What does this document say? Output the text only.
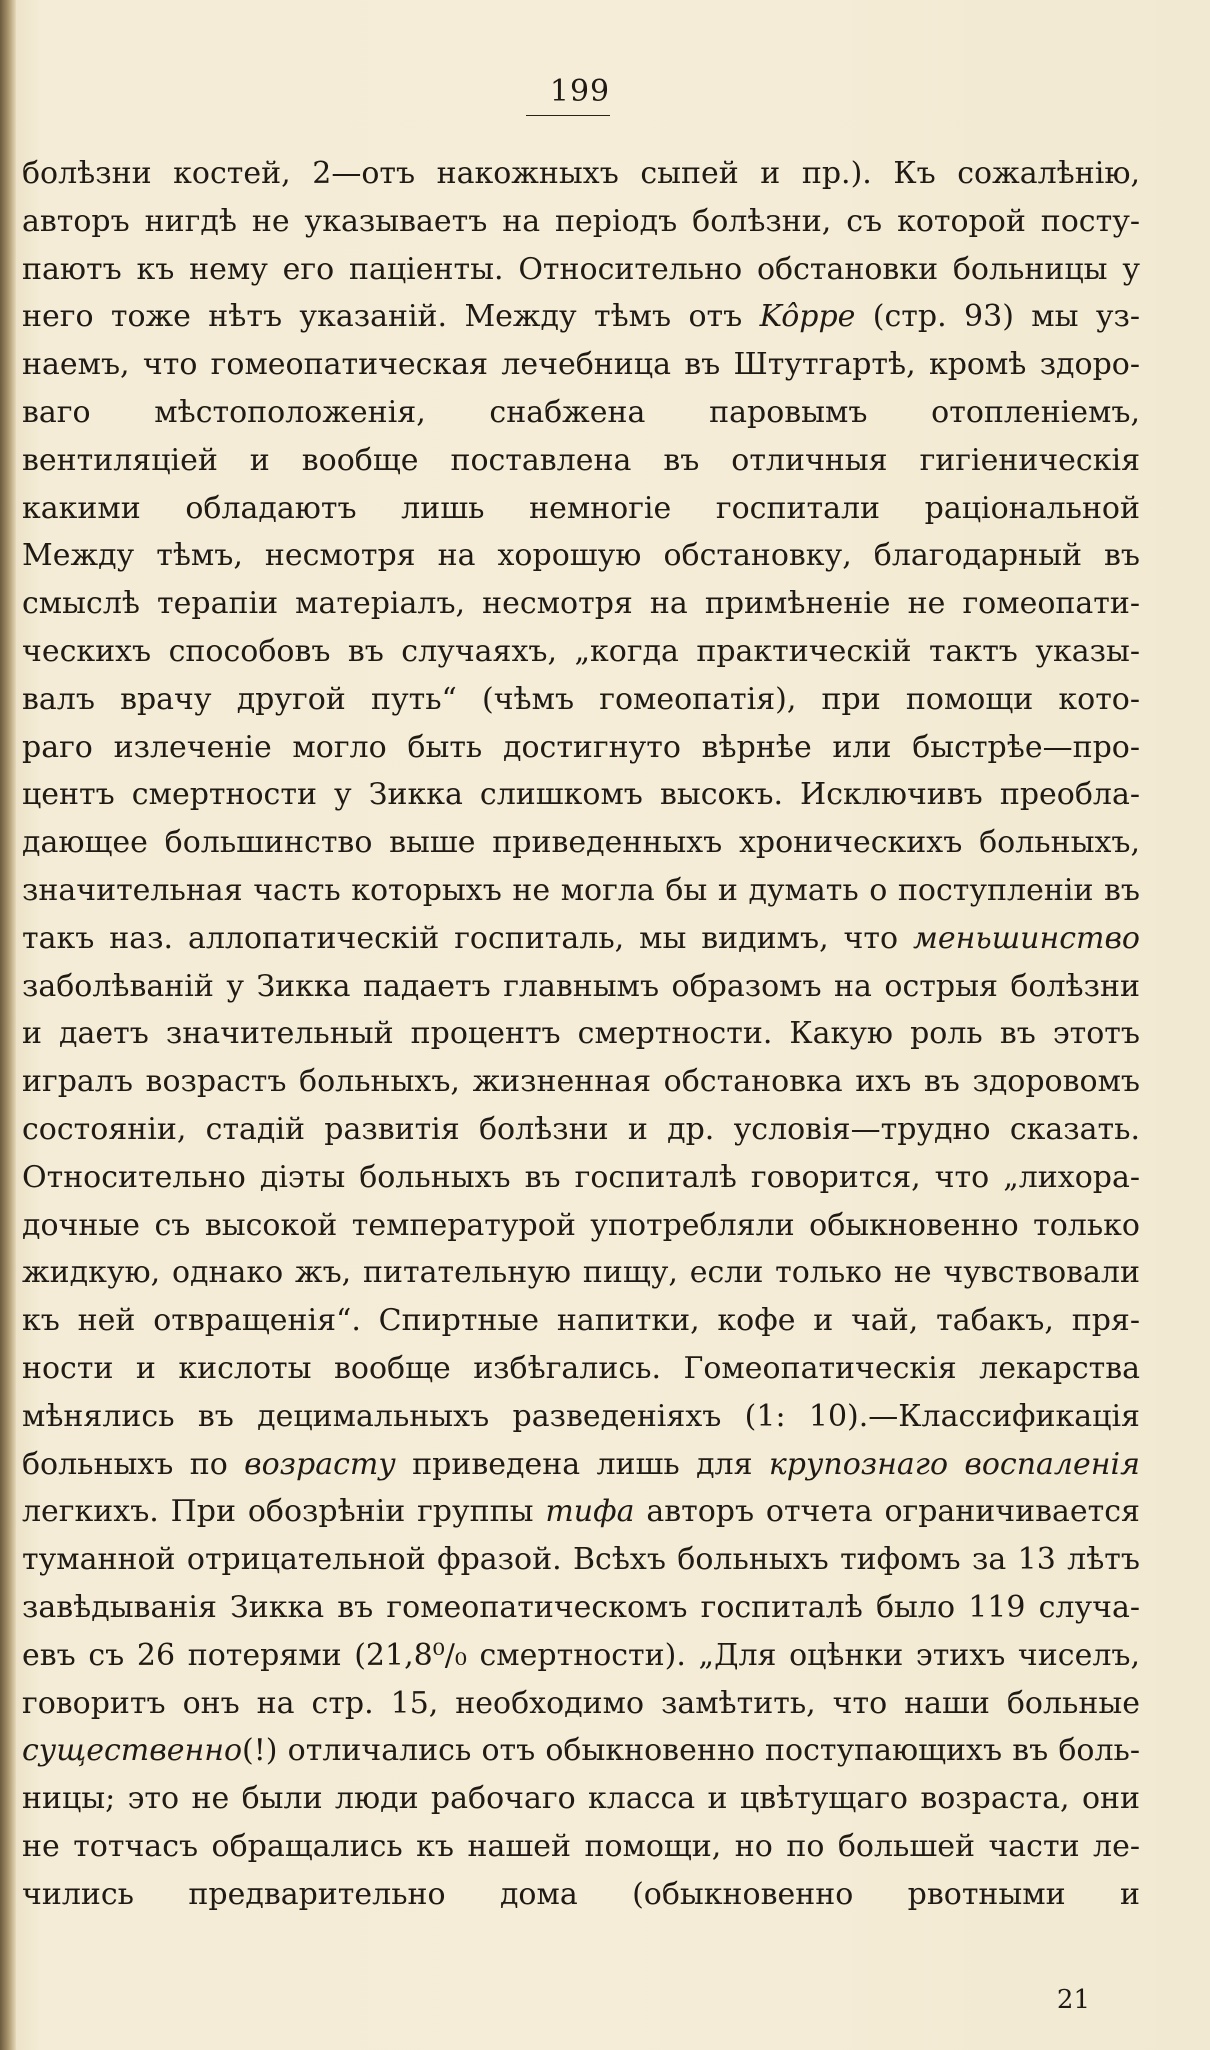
199
болѣзни костей, 2—отъ накожныхъ сыпей и пр.). Къ сожалѣнію,
авторъ нигдѣ не указываетъ на періодъ болѣзни, съ которой посту-
паютъ къ нему его паціенты. Относительно обстановки больницы у
него тоже нѣтъ указаній. Между тѣмъ отъ Kôppe (стр. 93) мы уз-
наемъ, что гомеопатическая лечебница въ Штутгартѣ, кромѣ здоро-
ваго мѣстоположенія, снабжена паровымъ отопленіемъ,
вентиляціей и вообще поставлена въ отличныя гигіеническія
какими обладаютъ лишь немногіе госпитали раціональной
Между тѣмъ, несмотря на хорошую обстановку, благодарный въ
смыслѣ терапіи матеріалъ, несмотря на примѣненіе не гомеопати-
ческихъ способовъ въ случаяхъ, „когда практическій тактъ указы-
валъ врачу другой путь“ (чѣмъ гомеопатія), при помощи кото-
раго излеченіе могло быть достигнуто вѣрнѣе или быстрѣе—про-
центъ смертности у Зикка слишкомъ высокъ. Исключивъ преобла-
дающее большинство выше приведенныхъ хроническихъ больныхъ,
значительная часть которыхъ не могла бы и думать о поступленіи въ
такъ наз. аллопатическій госпиталь, мы видимъ, что меньшинство
заболѣваній у Зикка падаетъ главнымъ образомъ на острыя болѣзни
и даетъ значительный процентъ смертности. Какую роль въ этотъ
игралъ возрастъ больныхъ, жизненная обстановка ихъ въ здоровомъ
состояніи, стадій развитія болѣзни и др. условія—трудно сказать.
Относительно діэты больныхъ въ госпиталѣ говорится, что „лихора-
дочные съ высокой температурой употребляли обыкновенно только
жидкую, однако жъ, питательную пищу, если только не чувствовали
къ ней отвращенія“. Спиртные напитки, кофе и чай, табакъ, пря-
ности и кислоты вообще избѣгались. Гомеопатическія лекарства
мѣнялись въ децимальныхъ разведеніяхъ (1: 10).—Классификація
больныхъ по возрасту приведена лишь для крупознаго воспаленія
легкихъ. При обозрѣніи группы тифа авторъ отчета ограничивается
туманной отрицательной фразой. Всѣхъ больныхъ тифомъ за 13 лѣтъ
завѣдыванія Зикка въ гомеопатическомъ госпиталѣ было 119 случа-
евъ съ 26 потерями (21,8⁰/₀ смертности). „Для оцѣнки этихъ чиселъ,
говоритъ онъ на стр. 15, необходимо замѣтить, что наши больные
существенно(!) отличались отъ обыкновенно поступающихъ въ боль-
ницы; это не были люди рабочаго класса и цвѣтущаго возраста, они
не тотчасъ обращались къ нашей помощи, но по большей части ле-
чились предварительно дома (обыкновенно рвотными и
21
